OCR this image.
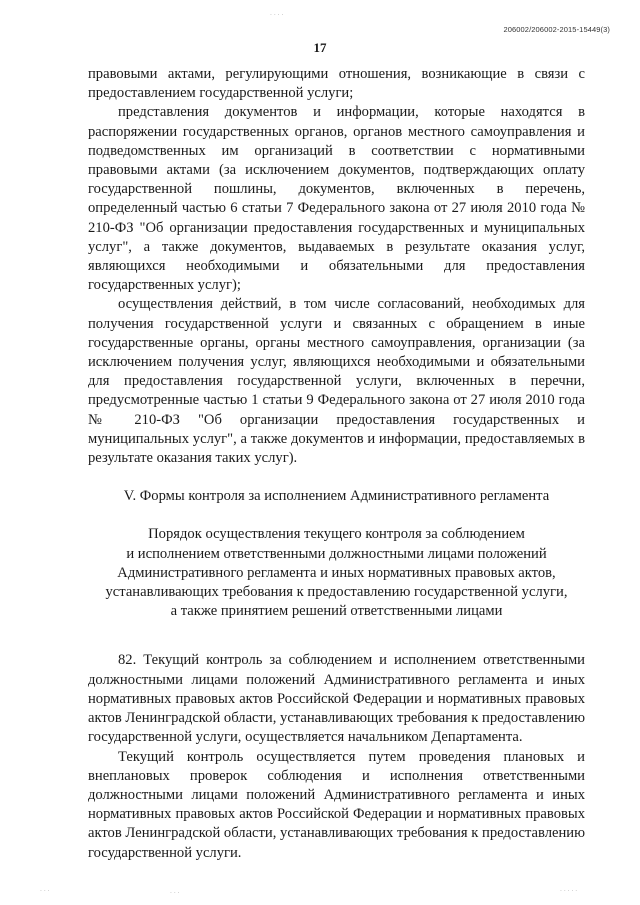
206002/206002-2015-15449(3)
17

правовыми актами, регулирующими отношения, возникающие в связи с предоставлением государственной услуги;

представления документов и информации, которые находятся в распоряжении государственных органов, органов местного самоуправления и подведомственных им организаций в соответствии с нормативными правовыми актами (за исключением документов, подтверждающих оплату государственной пошлины, документов, включенных в перечень, определенный частью 6 статьи 7 Федерального закона от 27 июля 2010 года № 210-ФЗ "Об организации предоставления государственных и муниципальных услуг", а также документов, выдаваемых в результате оказания услуг, являющихся необходимыми и обязательными для предоставления государственных услуг);

осуществления действий, в том числе согласований, необходимых для получения государственной услуги и связанных с обращением в иные государственные органы, органы местного самоуправления, организации (за исключением получения услуг, являющихся необходимыми и обязательными для предоставления государственной услуги, включенных в перечни, предусмотренные частью 1 статьи 9 Федерального закона от 27 июля 2010 года № 210-ФЗ "Об организации предоставления государственных и муниципальных услуг", а также документов и информации, предоставляемых в результате оказания таких услуг).

V. Формы контроля за исполнением Административного регламента

Порядок осуществления текущего контроля за соблюдением
и исполнением ответственными должностными лицами положений
Административного регламента и иных нормативных правовых актов,
устанавливающих требования к предоставлению государственной услуги,
а также принятием решений ответственными лицами

82. Текущий контроль за соблюдением и исполнением ответственными должностными лицами положений Административного регламента и иных нормативных правовых актов Российской Федерации и нормативных правовых актов Ленинградской области, устанавливающих требования к предоставлению государственной услуги, осуществляется начальником Департамента.

Текущий контроль осуществляется путем проведения плановых и внеплановых проверок соблюдения и исполнения ответственными должностными лицами положений Административного регламента и иных нормативных правовых актов Российской Федерации и нормативных правовых актов Ленинградской области, устанавливающих требования к предоставлению государственной услуги.

· · · ·
· · ·	· · ·	· · · · ·
